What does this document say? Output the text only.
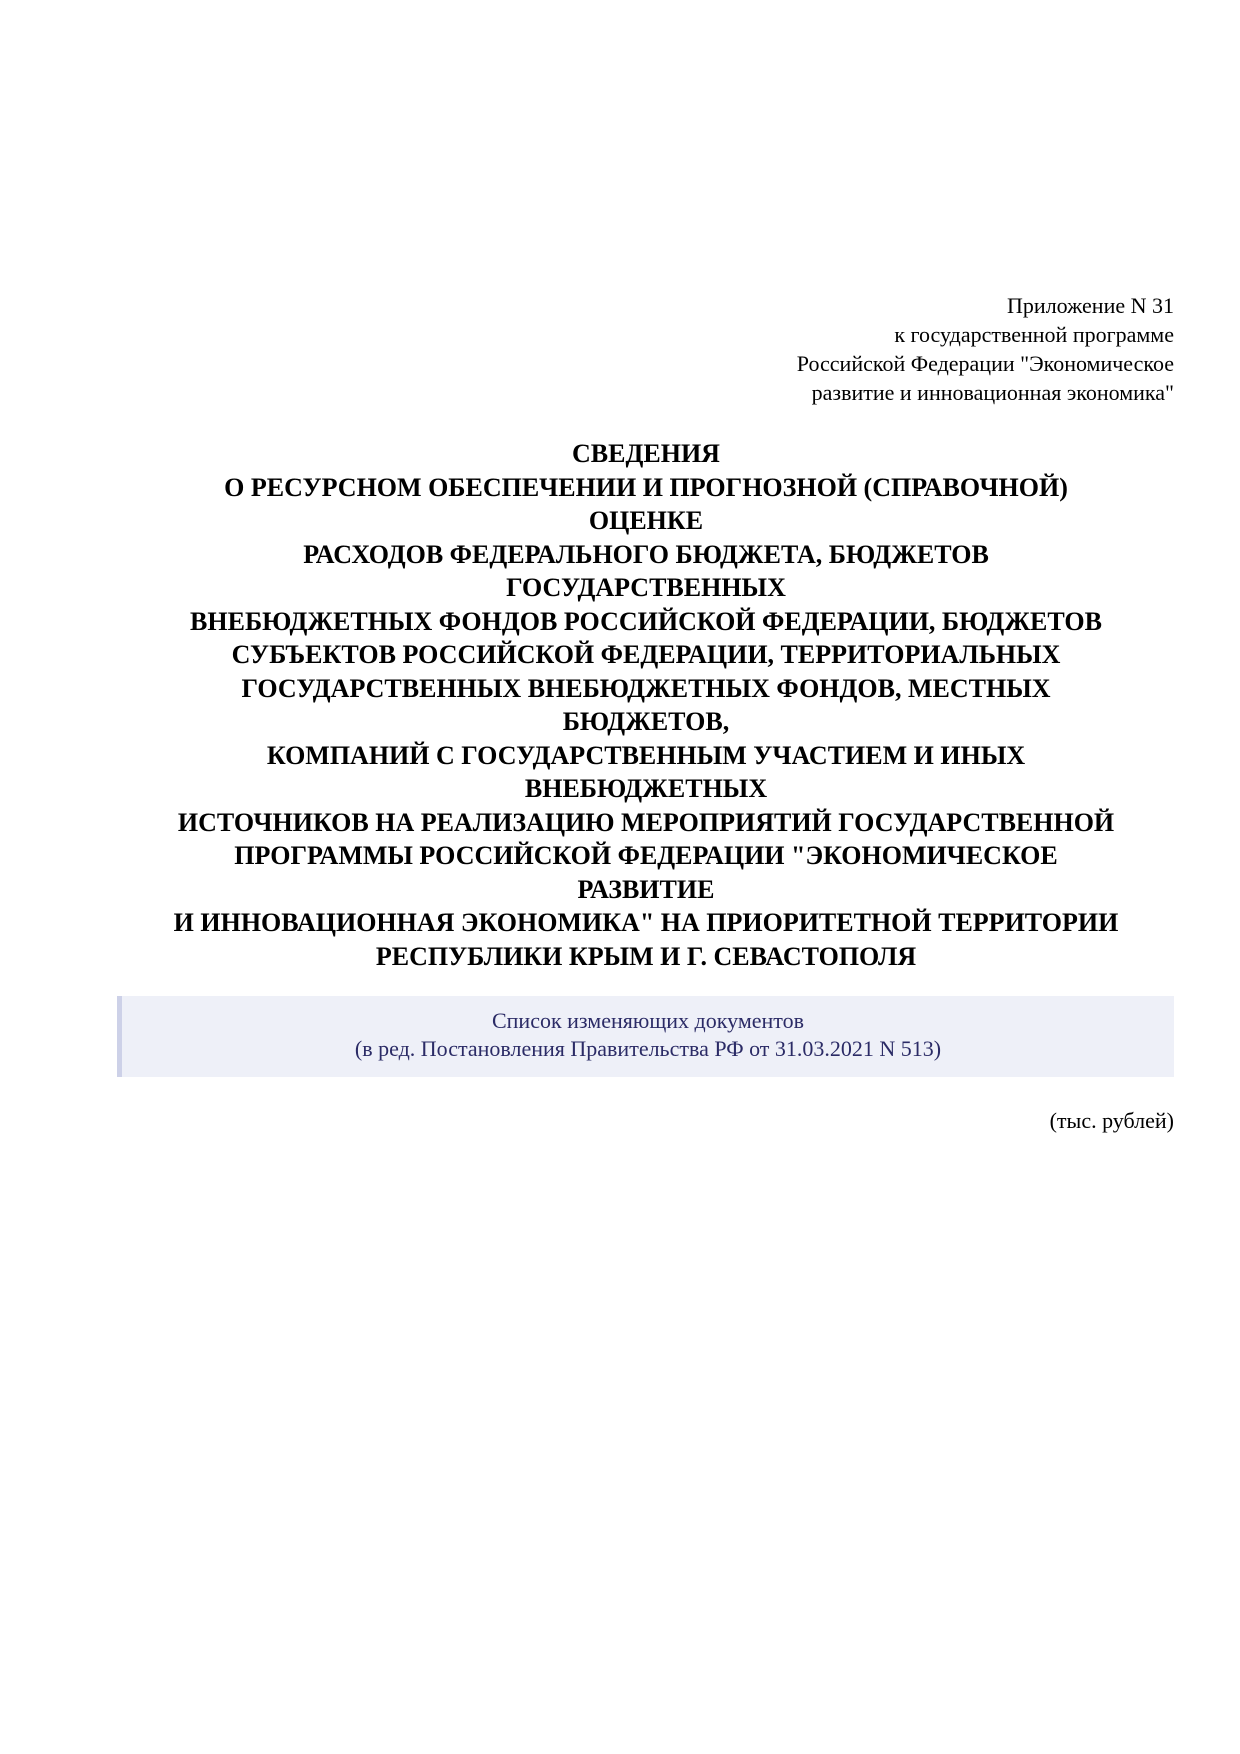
Приложение N 31
к государственной программе
Российской Федерации "Экономическое
развитие и инновационная экономика"
СВЕДЕНИЯ
О РЕСУРСНОМ ОБЕСПЕЧЕНИИ И ПРОГНОЗНОЙ (СПРАВОЧНОЙ)
ОЦЕНКЕ
РАСХОДОВ ФЕДЕРАЛЬНОГО БЮДЖЕТА, БЮДЖЕТОВ
ГОСУДАРСТВЕННЫХ
ВНЕБЮДЖЕТНЫХ ФОНДОВ РОССИЙСКОЙ ФЕДЕРАЦИИ, БЮДЖЕТОВ
СУБЪЕКТОВ РОССИЙСКОЙ ФЕДЕРАЦИИ, ТЕРРИТОРИАЛЬНЫХ
ГОСУДАРСТВЕННЫХ ВНЕБЮДЖЕТНЫХ ФОНДОВ, МЕСТНЫХ
БЮДЖЕТОВ,
КОМПАНИЙ С ГОСУДАРСТВЕННЫМ УЧАСТИЕМ И ИНЫХ
ВНЕБЮДЖЕТНЫХ
ИСТОЧНИКОВ НА РЕАЛИЗАЦИЮ МЕРОПРИЯТИЙ ГОСУДАРСТВЕННОЙ
ПРОГРАММЫ РОССИЙСКОЙ ФЕДЕРАЦИИ "ЭКОНОМИЧЕСКОЕ
РАЗВИТИЕ
И ИННОВАЦИОННАЯ ЭКОНОМИКА" НА ПРИОРИТЕТНОЙ ТЕРРИТОРИИ
РЕСПУБЛИКИ КРЫМ И Г. СЕВАСТОПОЛЯ
Список изменяющих документов
(в ред. Постановления Правительства РФ от 31.03.2021 N 513)
(тыс. рублей)
